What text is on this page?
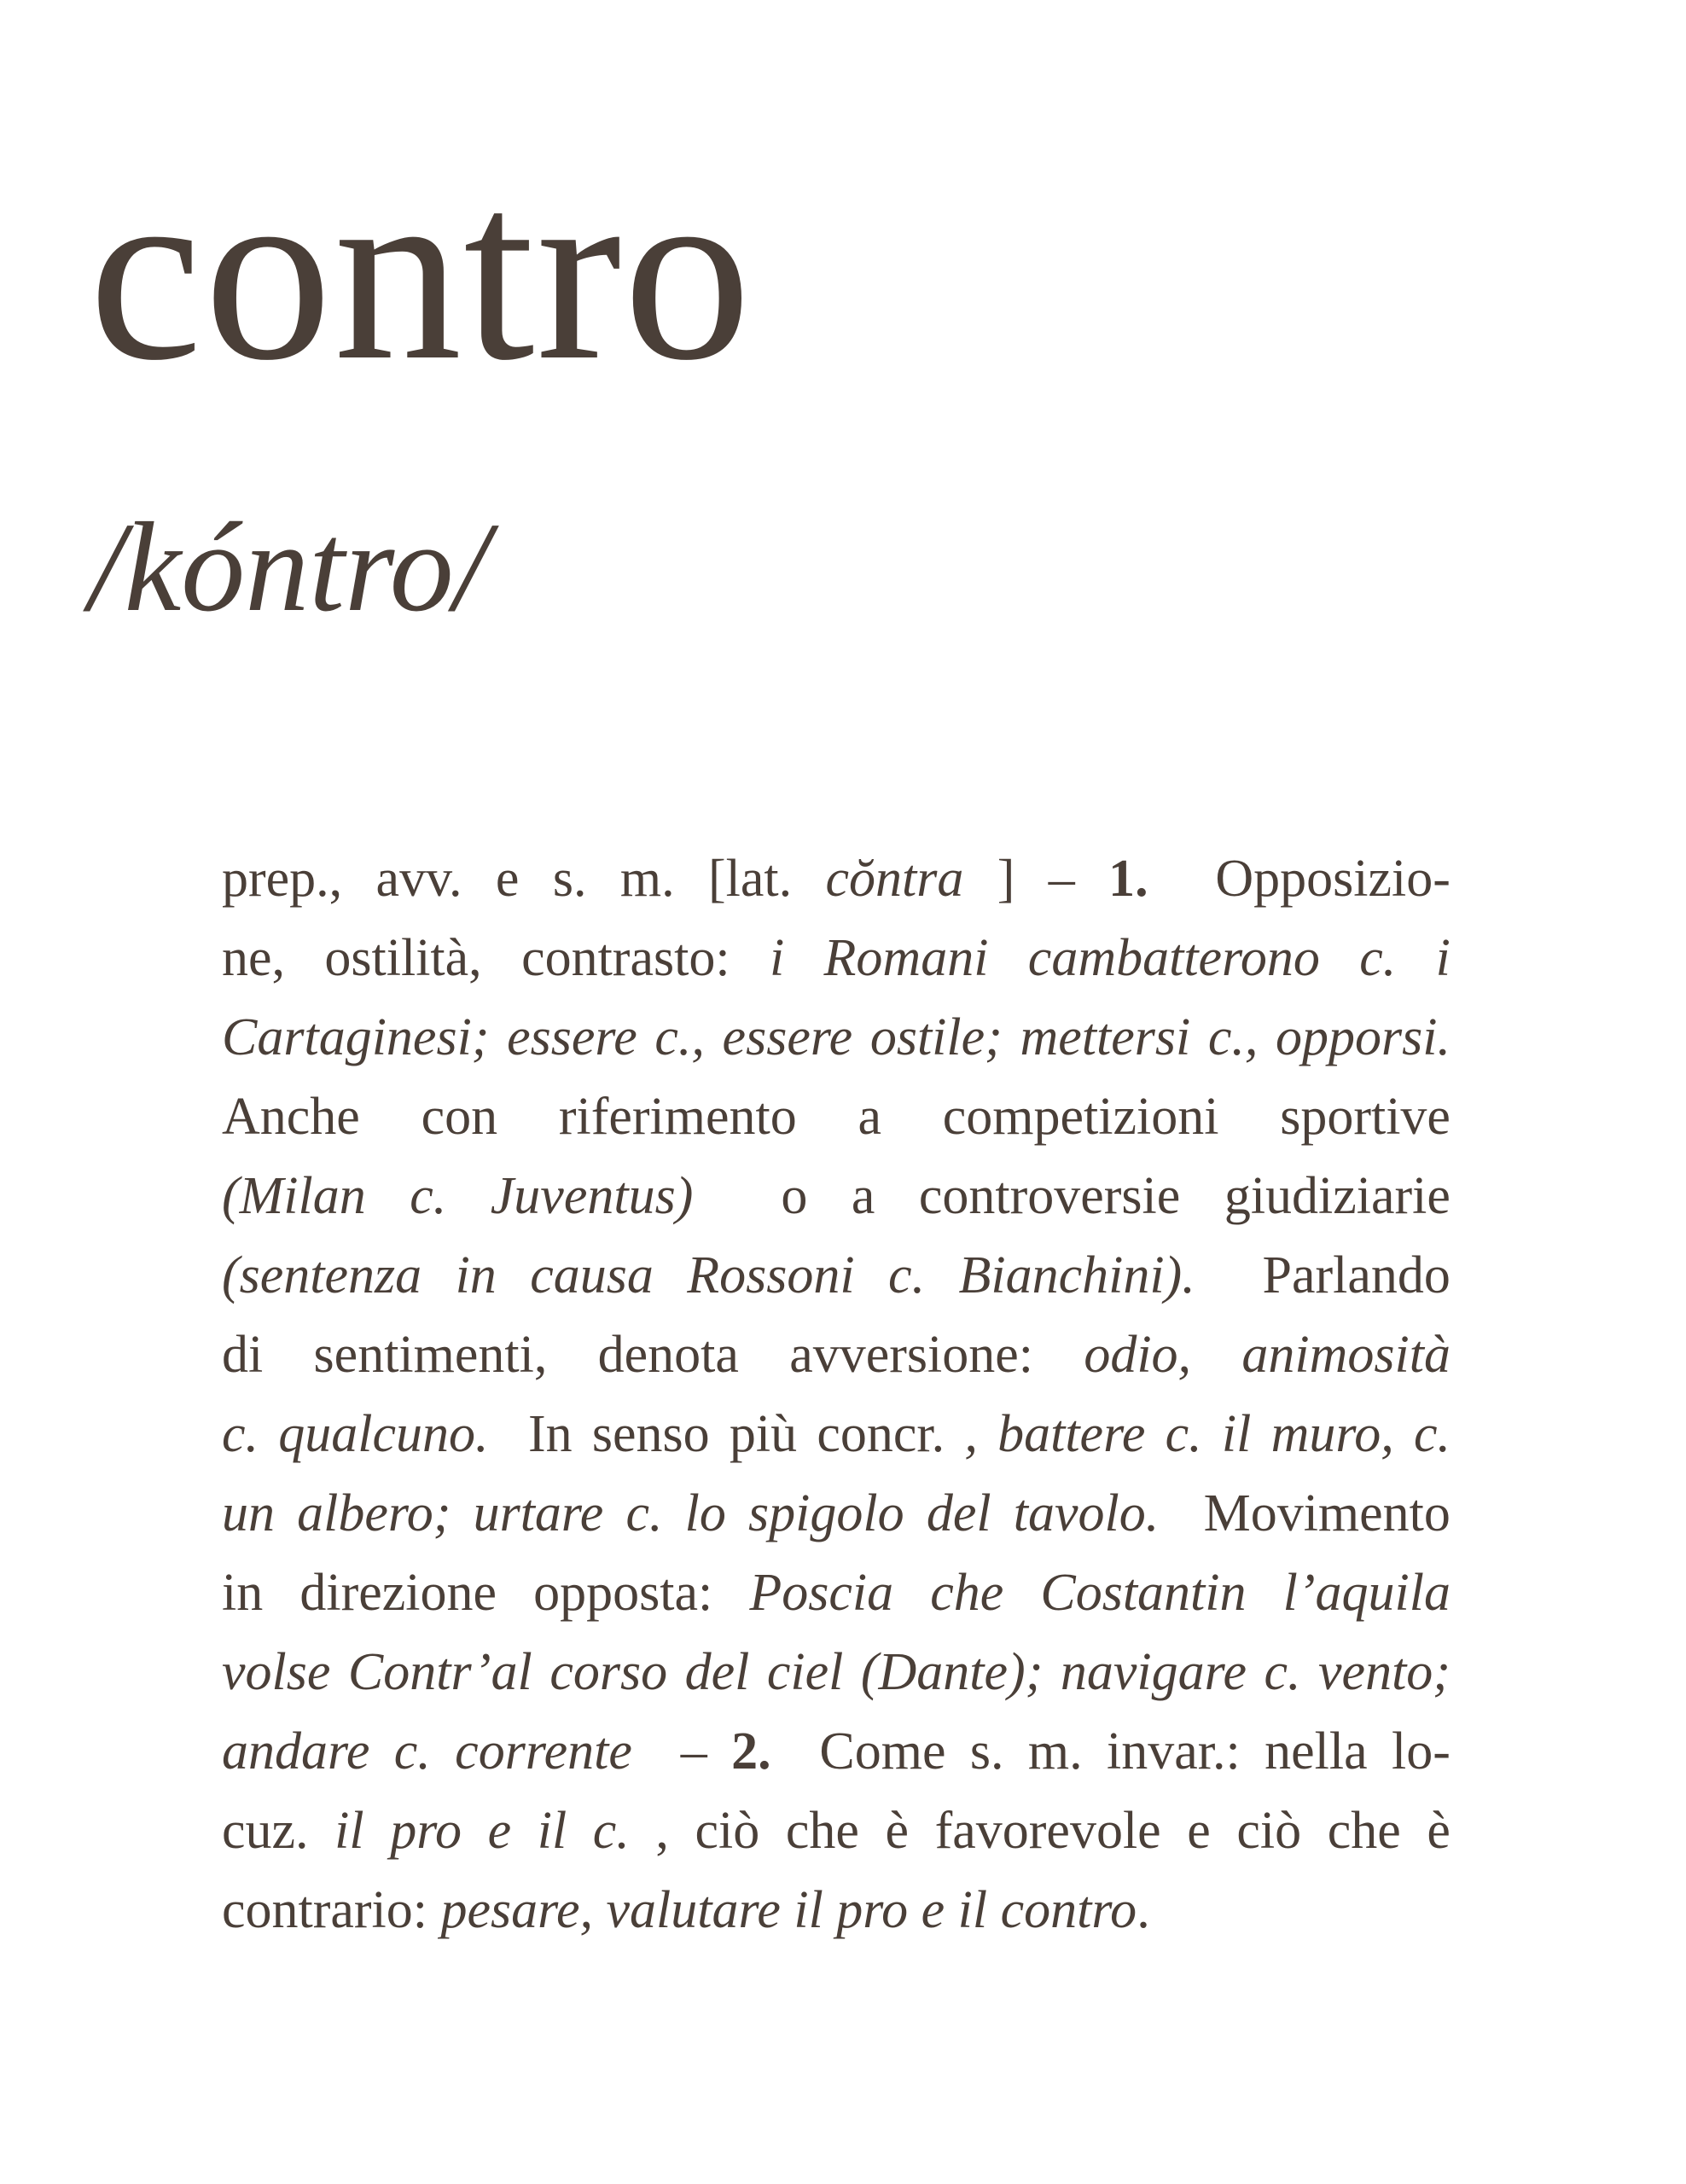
contro
/kóntro/
prep., avv. e s. m. [lat. cŏntra ] – 1. Opposizio-
ne, ostilità, contrasto: i Romani cambatterono c. i
Cartaginesi; essere c., essere ostile; mettersi c., opporsi.
Anche con riferimento a competizioni sportive
(Milan c. Juventus) o a controversie giudiziarie
(sentenza in causa Rossoni c. Bianchini). Parlando
di sentimenti, denota avversione: odio, animosità
c. qualcuno. In senso più concr. , battere c. il muro, c.
un albero; urtare c. lo spigolo del tavolo. Movimento
in direzione opposta: Poscia che Costantin l’aquila
volse Contr’al corso del ciel (Dante); navigare c. vento;
andare c. corrente – 2. Come s. m. invar.: nella lo-
cuz. il pro e il c. , ciò che è favorevole e ciò che è
contrario: pesare, valutare il pro e il contro .
